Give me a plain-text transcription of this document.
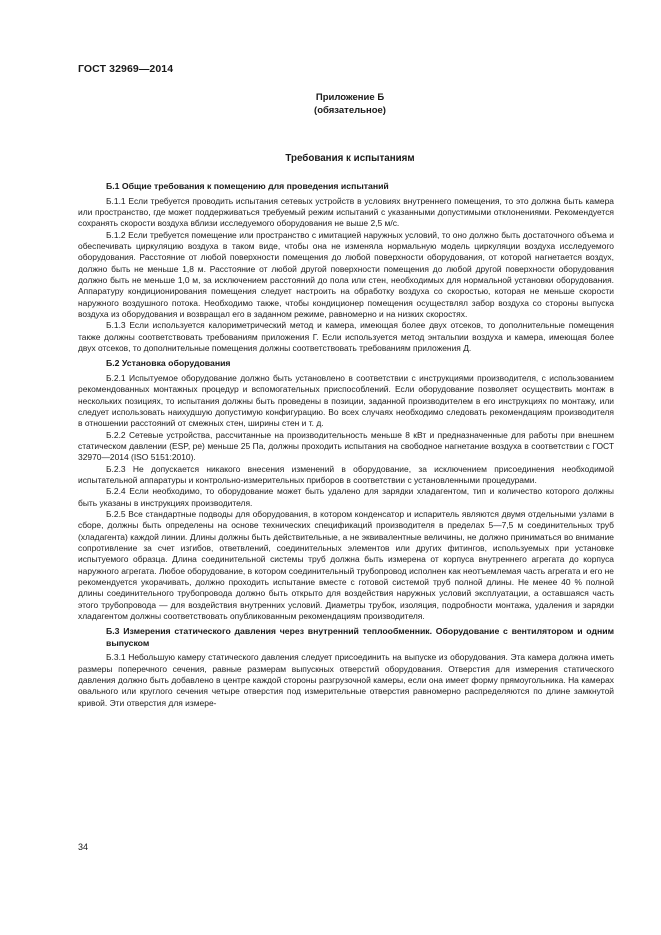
ГОСТ 32969—2014
Приложение Б
(обязательное)
Требования к испытаниям
Б.1 Общие требования к помещению для проведения испытаний

Б.1.1 Если требуется проводить испытания сетевых устройств в условиях внутреннего помещения, то это должна быть камера или пространство, где может поддерживаться требуемый режим испытаний с указанными допустимыми отклонениями. Рекомендуется сохранять скорости воздуха вблизи исследуемого оборудования не выше 2,5 м/с.

Б.1.2 Если требуется помещение или пространство с имитацией наружных условий, то оно должно быть достаточного объема и обеспечивать циркуляцию воздуха в таком виде, чтобы она не изменяла нормальную модель циркуляции воздуха исследуемого оборудования. Расстояние от любой поверхности помещения до любой поверхности оборудования, от которой нагнетается воздух, должно быть не меньше 1,8 м. Расстояние от любой другой поверхности помещения до любой другой поверхности оборудования должно быть не меньше 1,0 м, за исключением расстояний до пола или стен, необходимых для нормальной установки оборудования. Аппаратуру кондиционирования помещения следует настроить на обработку воздуха со скоростью, которая не меньше скорости наружного воздушного потока. Необходимо также, чтобы кондиционер помещения осуществлял забор воздуха со стороны выпуска воздуха из оборудования и возвращал его в заданном режиме, равномерно и на низких скоростях.

Б.1.3 Если используется калориметрический метод и камера, имеющая более двух отсеков, то дополнительные помещения также должны соответствовать требованиям приложения Г. Если используется метод энтальпии воздуха и камера, имеющая более двух отсеков, то дополнительные помещения должны соответствовать требованиям приложения Д.

Б.2 Установка оборудования

Б.2.1 Испытуемое оборудование должно быть установлено в соответствии с инструкциями производителя, с использованием рекомендованных монтажных процедур и вспомогательных приспособлений. Если оборудование позволяет осуществить монтаж в нескольких позициях, то испытания должны быть проведены в позиции, заданной производителем в его инструкциях по монтажу, или следует использовать наихудшую допустимую конфигурацию. Во всех случаях необходимо следовать рекомендациям производителя в отношении расстояний от смежных стен, ширины стен и т. д.

Б.2.2 Сетевые устройства, рассчитанные на производительность меньше 8 кВт и предназначенные для работы при внешнем статическом давлении (ESP, pe) меньше 25 Па, должны проходить испытания на свободное нагнетание воздуха в соответствии с ГОСТ 32970—2014 (ISO 5151:2010).

Б.2.3 Не допускается никакого внесения изменений в оборудование, за исключением присоединения необходимой испытательной аппаратуры и контрольно-измерительных приборов в соответствии с установленными процедурами.

Б.2.4 Если необходимо, то оборудование может быть удалено для зарядки хладагентом, тип и количество которого должны быть указаны в инструкциях производителя.

Б.2.5 Все стандартные подводы для оборудования, в котором конденсатор и испаритель являются двумя отдельными узлами в сборе, должны быть определены на основе технических спецификаций производителя в пределах 5—7,5 м соединительных труб (хладагента) каждой линии. Длины должны быть действительные, а не эквивалентные величины, не должно приниматься во внимание сопротивление за счет изгибов, ответвлений, соединительных элементов или других фитингов, используемых при установке испытуемого образца. Длина соединительной системы труб должна быть измерена от корпуса внутреннего агрегата до корпуса наружного агрегата. Любое оборудование, в котором соединительный трубопровод исполнен как неотъемлемая часть агрегата и его не рекомендуется укорачивать, должно проходить испытание вместе с готовой системой труб полной длины. Не менее 40 % полной длины соединительного трубопровода должно быть открыто для воздействия наружных условий эксплуатации, а оставшаяся часть этого трубопровода — для воздействия внутренних условий. Диаметры трубок, изоляция, подробности монтажа, удаления и зарядки хладагентом должны соответствовать опубликованным рекомендациям производителя.

Б.3 Измерения статического давления через внутренний теплообменник. Оборудование с вентилятором и одним выпуском

Б.3.1 Небольшую камеру статического давления следует присоединить на выпуске из оборудования. Эта камера должна иметь размеры поперечного сечения, равные размерам выпускных отверстий оборудования. Отверстия для измерения статического давления должно быть добавлено в центре каждой стороны разгрузочной камеры, если она имеет форму прямоугольника. На камерах овального или круглого сечения четыре отверстия под измерительные отверстия равномерно распределяются по длине замкнутой кривой. Эти отверстия для измере-

34
